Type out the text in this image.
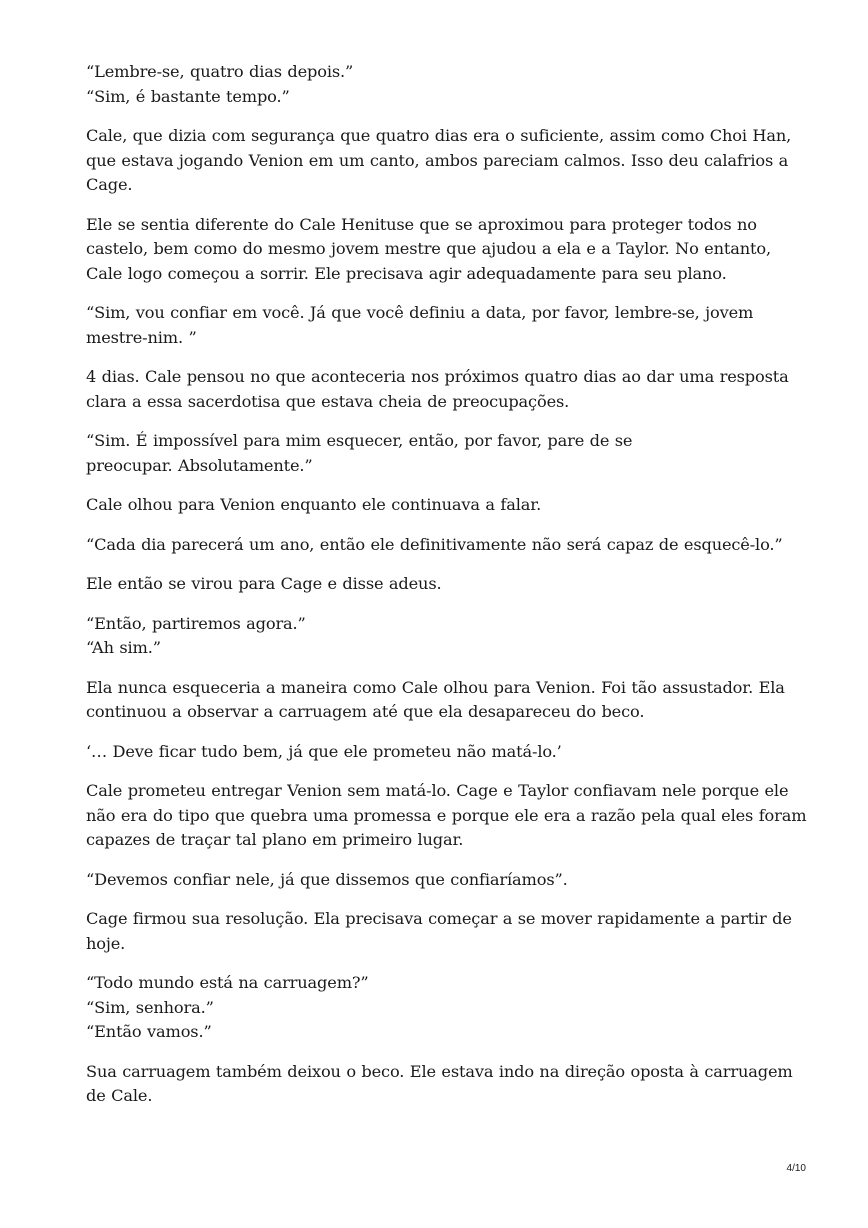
“Lembre-se, quatro dias depois.”
“Sim, é bastante tempo.”

Cale, que dizia com segurança que quatro dias era o suficiente, assim como Choi Han,
que estava jogando Venion em um canto, ambos pareciam calmos. Isso deu calafrios a
Cage.

Ele se sentia diferente do Cale Henituse que se aproximou para proteger todos no
castelo, bem como do mesmo jovem mestre que ajudou a ela e a Taylor. No entanto,
Cale logo começou a sorrir. Ele precisava agir adequadamente para seu plano.

“Sim, vou confiar em você. Já que você definiu a data, por favor, lembre-se, jovem
mestre-nim. ”

4 dias. Cale pensou no que aconteceria nos próximos quatro dias ao dar uma resposta
clara a essa sacerdotisa que estava cheia de preocupações.

“Sim. É impossível para mim esquecer, então, por favor, pare de se
preocupar. Absolutamente.”

Cale olhou para Venion enquanto ele continuava a falar.

“Cada dia parecerá um ano, então ele definitivamente não será capaz de esquecê-lo.”

Ele então se virou para Cage e disse adeus.

“Então, partiremos agora.”
“Ah sim.”

Ela nunca esqueceria a maneira como Cale olhou para Venion. Foi tão assustador. Ela
continuou a observar a carruagem até que ela desapareceu do beco.

‘… Deve ficar tudo bem, já que ele prometeu não matá-lo.’

Cale prometeu entregar Venion sem matá-lo. Cage e Taylor confiavam nele porque ele
não era do tipo que quebra uma promessa e porque ele era a razão pela qual eles foram
capazes de traçar tal plano em primeiro lugar.

“Devemos confiar nele, já que dissemos que confiaríamos”.

Cage firmou sua resolução. Ela precisava começar a se mover rapidamente a partir de
hoje.

“Todo mundo está na carruagem?”
“Sim, senhora.”
“Então vamos.”

Sua carruagem também deixou o beco. Ele estava indo na direção oposta à carruagem
de Cale.

4/10
